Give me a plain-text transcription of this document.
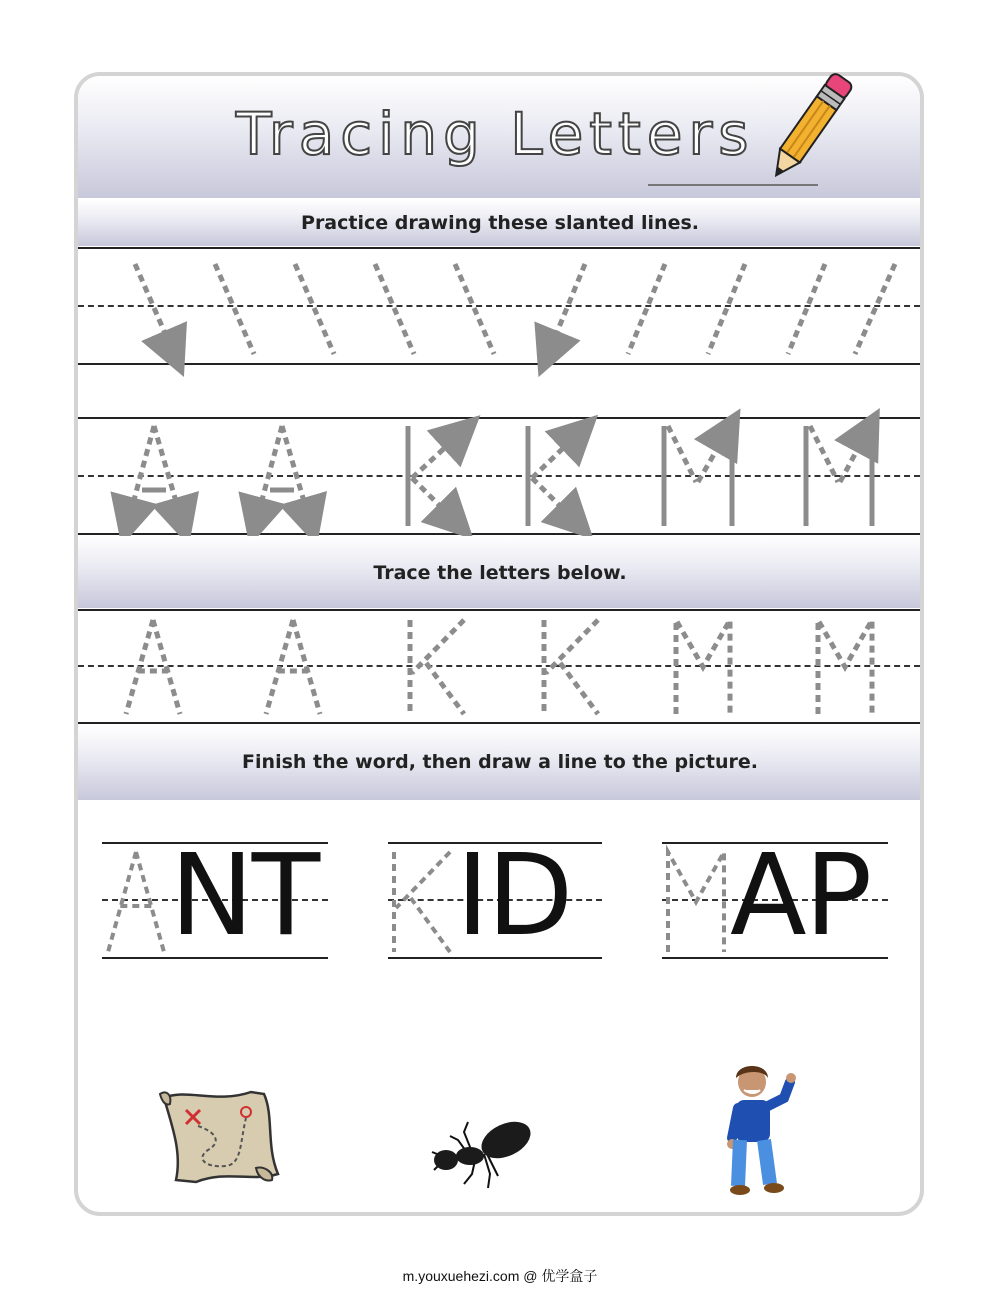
Tracing Letters
Practice drawing these slanted lines.
Trace the letters below.
Finish the word, then draw a line to the picture.
NT ID AP
m.youxuehezi.com @ 优学盒子
